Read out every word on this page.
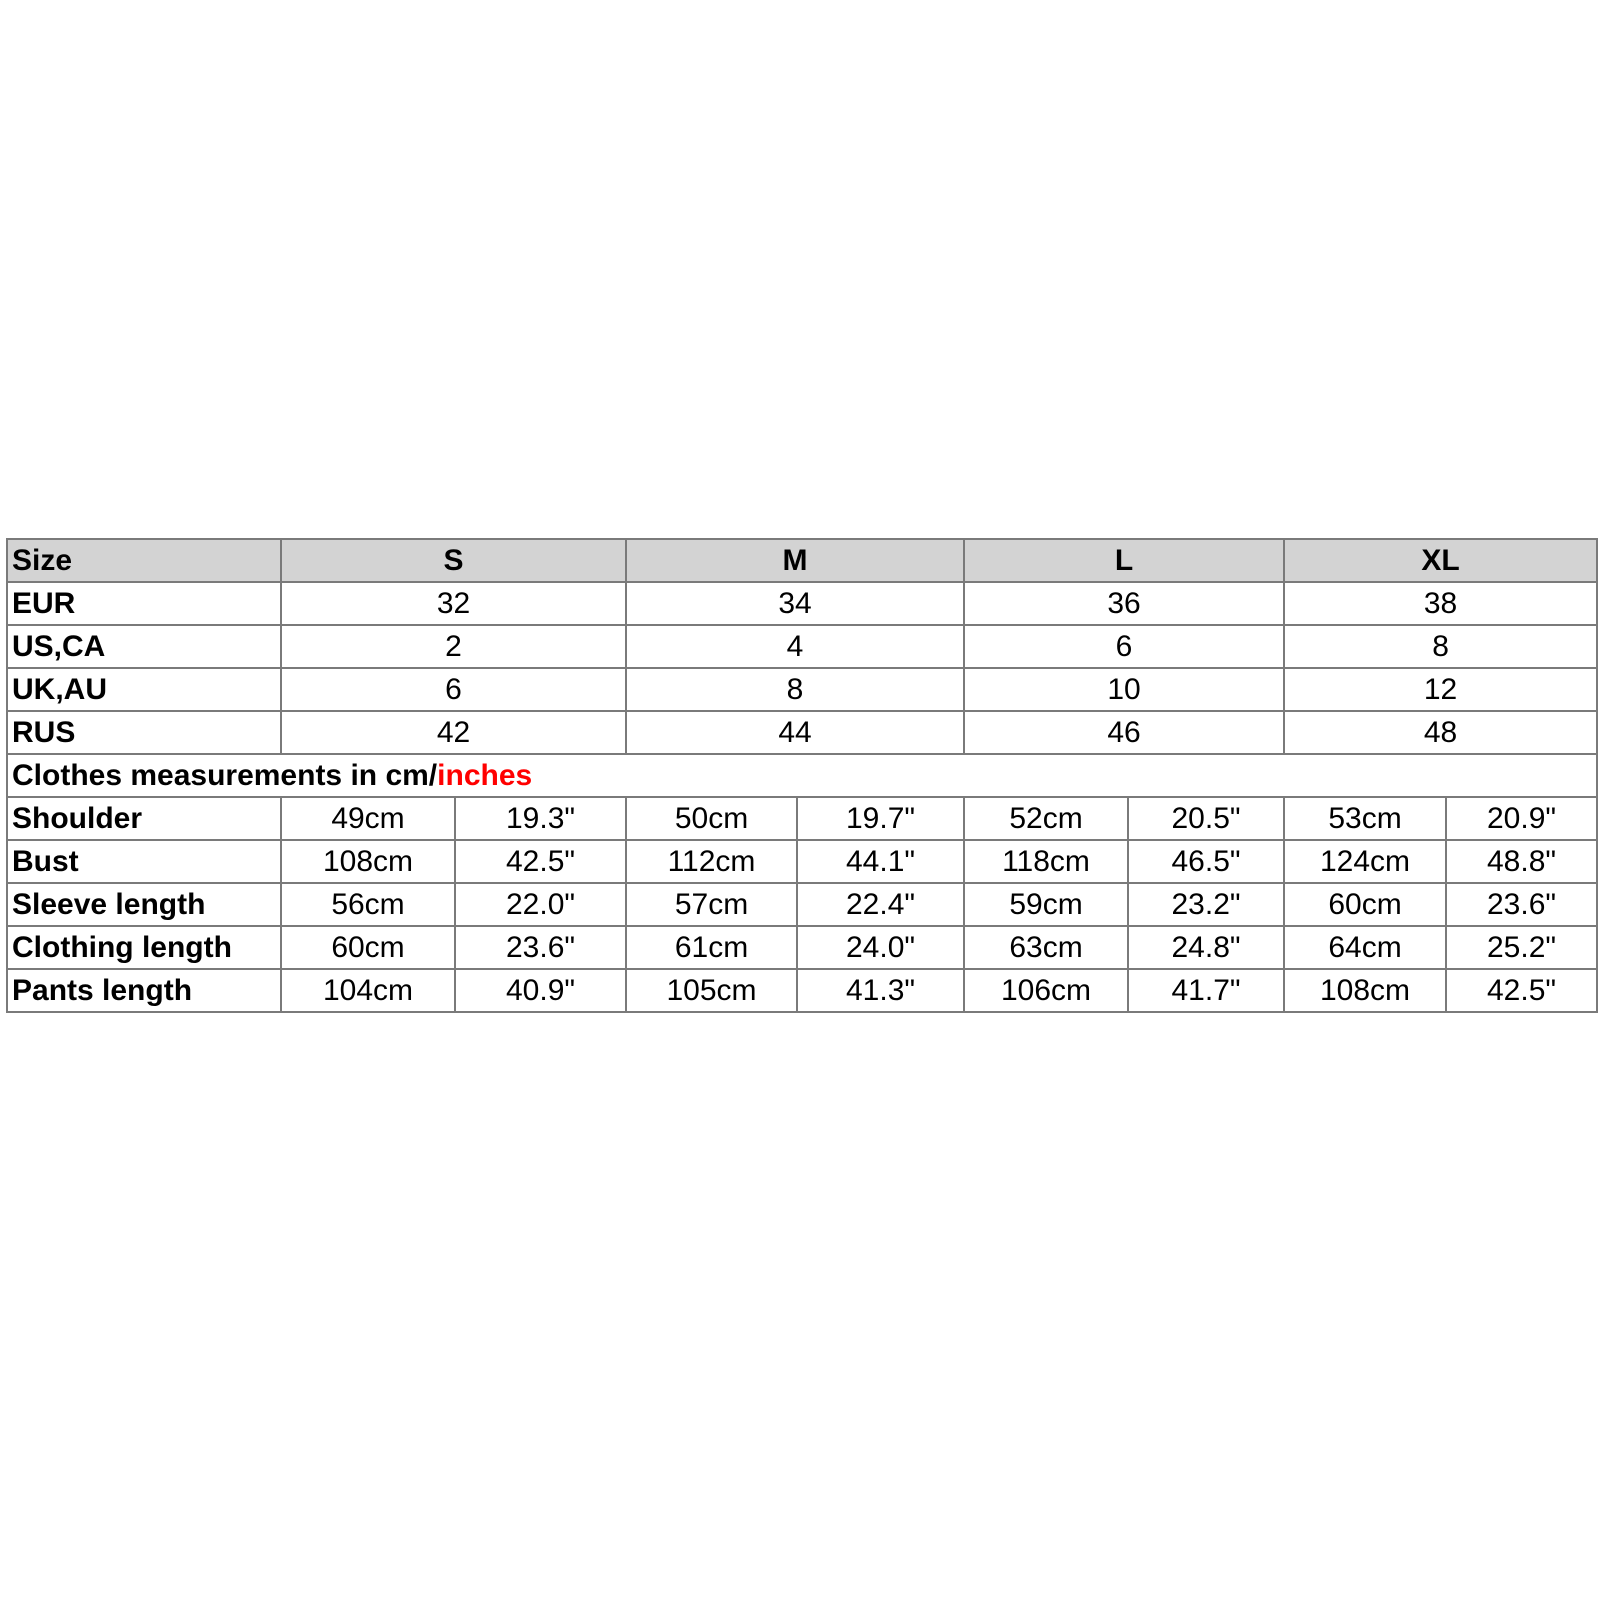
Size	S		M		L		XL	
EUR	32		34		36		38	
US,CA	2		4		6		8	
UK,AU	6		8		10		12	
RUS	42		44		46		48	
Clothes measurements in cm/inches								
Shoulder	49cm	19.3"	50cm	19.7"	52cm	20.5"	53cm	20.9"
Bust	108cm	42.5"	112cm	44.1"	118cm	46.5"	124cm	48.8"
Sleeve length	56cm	22.0"	57cm	22.4"	59cm	23.2"	60cm	23.6"
Clothing length	60cm	23.6"	61cm	24.0"	63cm	24.8"	64cm	25.2"
Pants length	104cm	40.9"	105cm	41.3"	106cm	41.7"	108cm	42.5"
